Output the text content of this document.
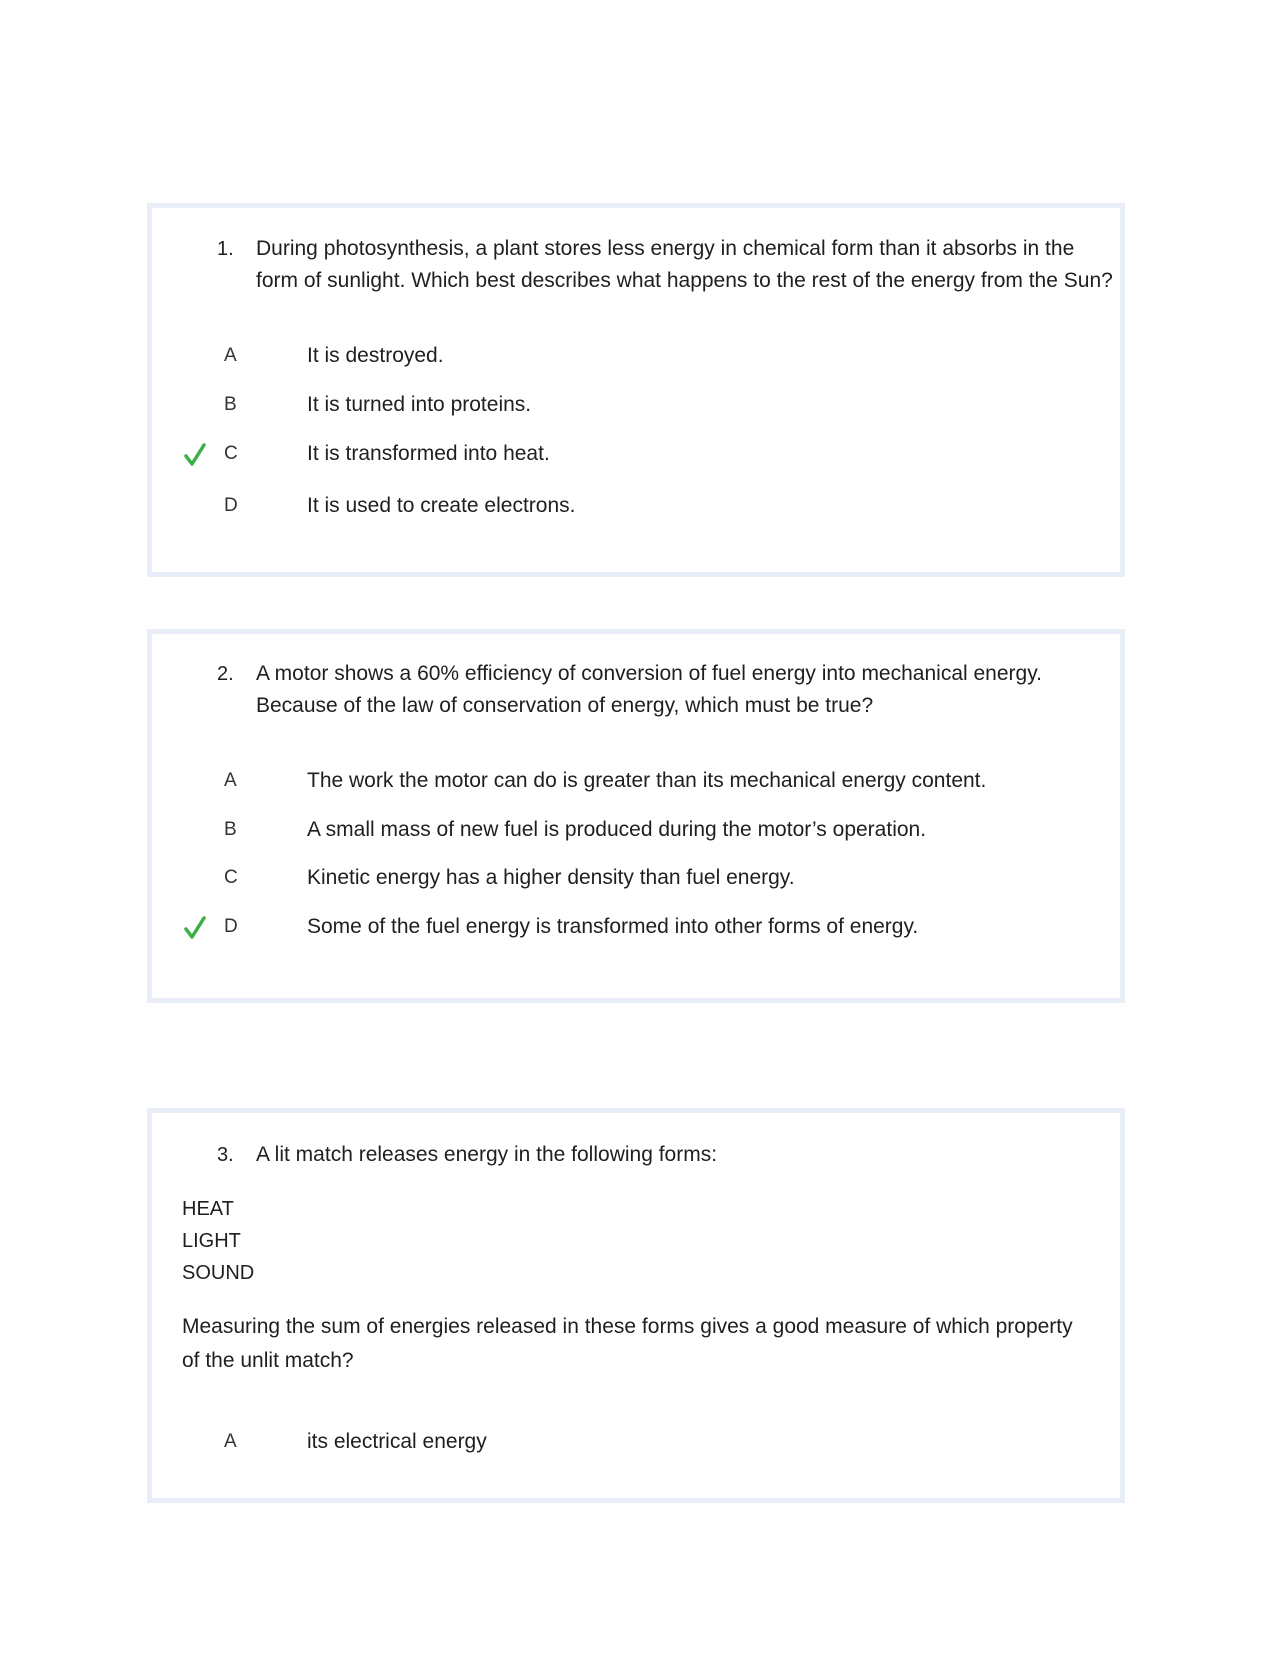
1.	During photosynthesis, a plant stores less energy in chemical form than it absorbs in the form of sunlight. Which best describes what happens to the rest of the energy from the Sun?
A	It is destroyed.
B	It is turned into proteins.
C	It is transformed into heat.
D	It is used to create electrons.
2.	A motor shows a 60% efficiency of conversion of fuel energy into mechanical energy. Because of the law of conservation of energy, which must be true?
A	The work the motor can do is greater than its mechanical energy content.
B	A small mass of new fuel is produced during the motor’s operation.
C	Kinetic energy has a higher density than fuel energy.
D	Some of the fuel energy is transformed into other forms of energy.
3.	A lit match releases energy in the following forms:
HEAT
LIGHT
SOUND
Measuring the sum of energies released in these forms gives a good measure of which property of the unlit match?
A	its electrical energy
